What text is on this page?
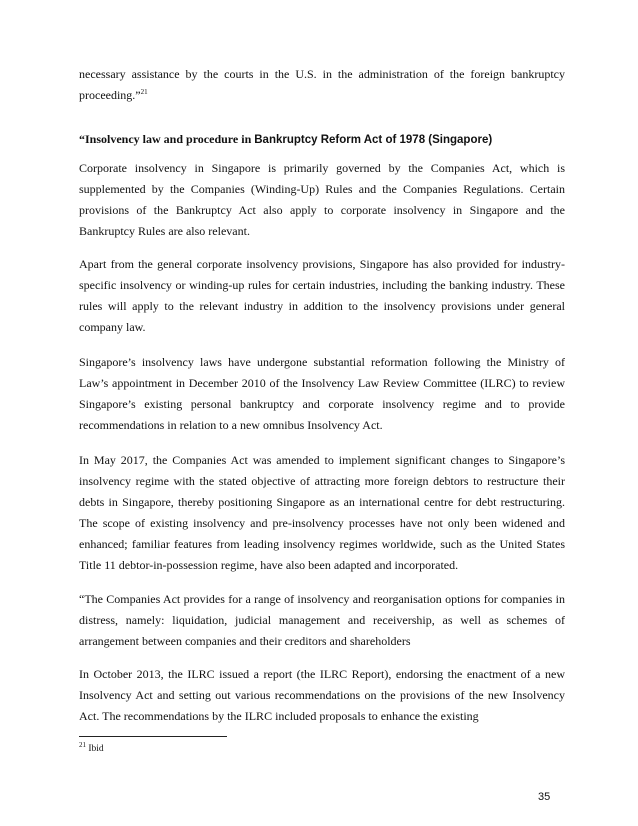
necessary assistance by the courts in the U.S. in the administration of the foreign bankruptcy proceeding.”$^{21}$

“Insolvency law and procedure in Bankruptcy Reform Act of 1978 (Singapore)

Corporate insolvency in Singapore is primarily governed by the Companies Act, which is supplemented by the Companies (Winding-Up) Rules and the Companies Regulations. Certain provisions of the Bankruptcy Act also apply to corporate insolvency in Singapore and the Bankruptcy Rules are also relevant.

Apart from the general corporate insolvency provisions, Singapore has also provided for industry-specific insolvency or winding-up rules for certain industries, including the banking industry. These rules will apply to the relevant industry in addition to the insolvency provisions under general company law.

Singapore’s insolvency laws have undergone substantial reformation following the Ministry of Law’s appointment in December 2010 of the Insolvency Law Review Committee (ILRC) to review Singapore’s existing personal bankruptcy and corporate insolvency regime and to provide recommendations in relation to a new omnibus Insolvency Act.

In May 2017, the Companies Act was amended to implement significant changes to Singapore’s insolvency regime with the stated objective of attracting more foreign debtors to restructure their debts in Singapore, thereby positioning Singapore as an international centre for debt restructuring. The scope of existing insolvency and pre-insolvency processes have not only been widened and enhanced; familiar features from leading insolvency regimes worldwide, such as the United States Title 11 debtor-in-possession regime, have also been adapted and incorporated.

“The Companies Act provides for a range of insolvency and reorganisation options for companies in distress, namely: liquidation, judicial management and receivership, as well as schemes of arrangement between companies and their creditors and shareholders

In October 2013, the ILRC issued a report (the ILRC Report), endorsing the enactment of a new Insolvency Act and setting out various recommendations on the provisions of the new Insolvency Act. The recommendations by the ILRC included proposals to enhance the existing

$^{21}$ Ibid

35
